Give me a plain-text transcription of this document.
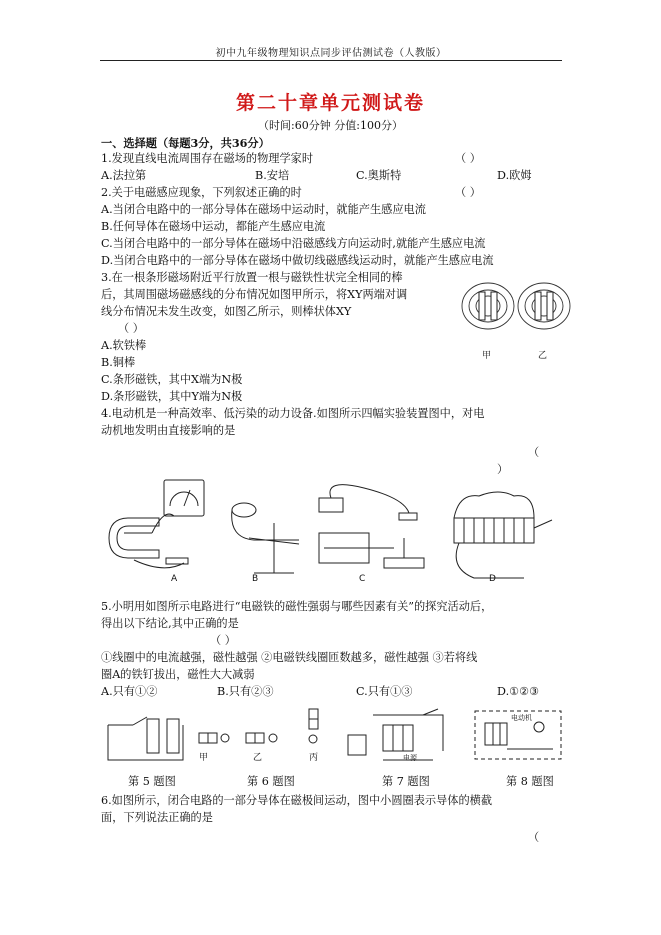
初中九年级物理知识点同步评估测试卷（人教版）
第二十章单元测试卷
（时间:60分钟 分值:100分）
一、选择题（每题3分，共36分）
1.发现直线电流周围存在磁场的物理学家时	（ ）
A.法拉第	B.安培	C.奥斯特	D.欧姆
2.关于电磁感应现象，下列叙述正确的时	（ ）
A.当闭合电路中的一部分导体在磁场中运动时，就能产生感应电流
B.任何导体在磁场中运动，都能产生感应电流
C.当闭合电路中的一部分导体在磁场中沿磁感线方向运动时,就能产生感应电流
D.当闭合电路中的一部分导体在磁场中做切线磁感线运动时，就能产生感应电流
3.在一根条形磁场附近平行放置一根与磁铁性状完全相同的棒
后，其周围磁场磁感线的分布情况如图甲所示，将XY两端对调
线分布情况未发生改变，如图乙所示，则棒状体XY
（ ）
A.软铁棒
B.铜棒
C.条形磁铁，其中X端为N极
D.条形磁铁，其中Y端为N极
甲	乙
4.电动机是一种高效率、低污染的动力设备.如图所示四幅实验装置图中，对电
动机地发明由直接影响的是
（
）
A	B	C	D
5.小明用如图所示电路进行“电磁铁的磁性强弱与哪些因素有关”的探究活动后，
得出以下结论,其中正确的是
（ ）
①线圈中的电流越强，磁性越强 ②电磁铁线圈匝数越多，磁性越强 ③若将线
圈A的铁钉拔出，磁性大大减弱
A.只有①②	B.只有②③	C.只有①③	D.①②③
甲	乙	丙
电动机
电源
第 5 题图	第 6 题图	第 7 题图	第 8 题图
6.如图所示，闭合电路的一部分导体在磁极间运动，图中小圆圈表示导体的横截
面，下列说法正确的是
（
